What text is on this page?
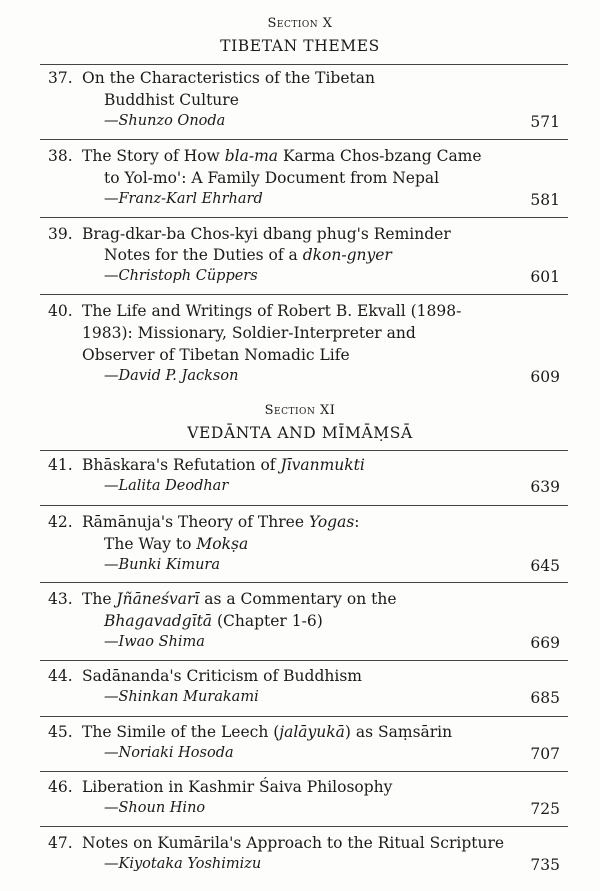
Section X
TIBETAN THEMES
37. On the Characteristics of the Tibetan
Buddhist Culture
—Shunzo Onoda	571
38. The Story of How bla-ma Karma Chos-bzang Came
to Yol-mo': A Family Document from Nepal
—Franz-Karl Ehrhard	581
39. Brag-dkar-ba Chos-kyi dbang phug's Reminder
Notes for the Duties of a dkon-gnyer
—Christoph Cüppers	601
40. The Life and Writings of Robert B. Ekvall (1898-
1983): Missionary, Soldier-Interpreter and
Observer of Tibetan Nomadic Life
—David P. Jackson	609
Section XI
VEDĀNTA AND MĪMĀṂSĀ
41. Bhāskara's Refutation of Jīvanmukti
—Lalita Deodhar	639
42. Rāmānuja's Theory of Three Yogas:
The Way to Mokṣa
—Bunki Kimura	645
43. The Jñāneśvarī as a Commentary on the
Bhagavadgītā (Chapter 1-6)
—Iwao Shima	669
44. Sadānanda's Criticism of Buddhism
—Shinkan Murakami	685
45. The Simile of the Leech (jalāyukā) as Saṃsārin
—Noriaki Hosoda	707
46. Liberation in Kashmir Śaiva Philosophy
—Shoun Hino	725
47. Notes on Kumārila's Approach to the Ritual Scripture
—Kiyotaka Yoshimizu	735
